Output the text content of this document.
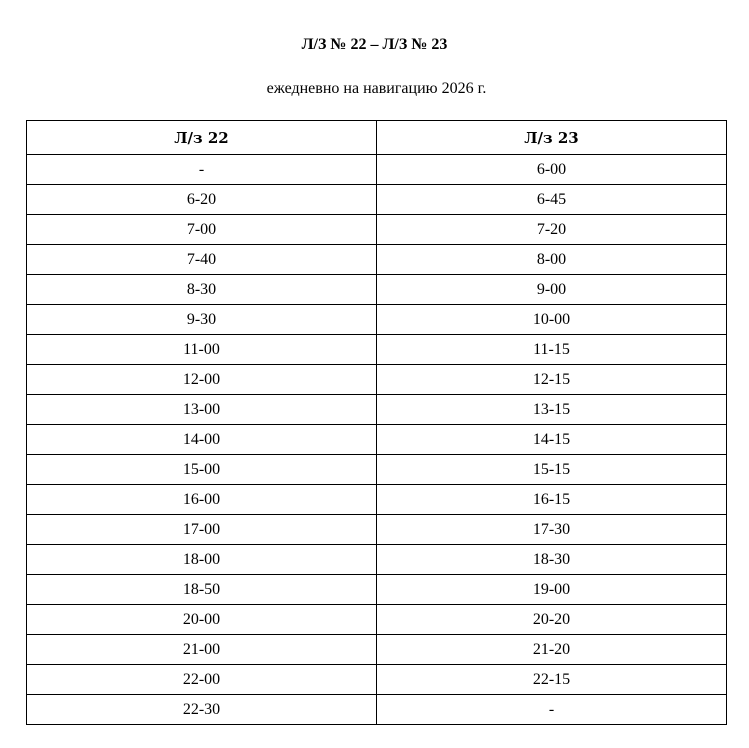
Л/З № 22 – Л/З № 23
ежедневно на навигацию 2026 г.
Л/з 22	Л/з 23
-	6-00
6-20	6-45
7-00	7-20
7-40	8-00
8-30	9-00
9-30	10-00
11-00	11-15
12-00	12-15
13-00	13-15
14-00	14-15
15-00	15-15
16-00	16-15
17-00	17-30
18-00	18-30
18-50	19-00
20-00	20-20
21-00	21-20
22-00	22-15
22-30	-
